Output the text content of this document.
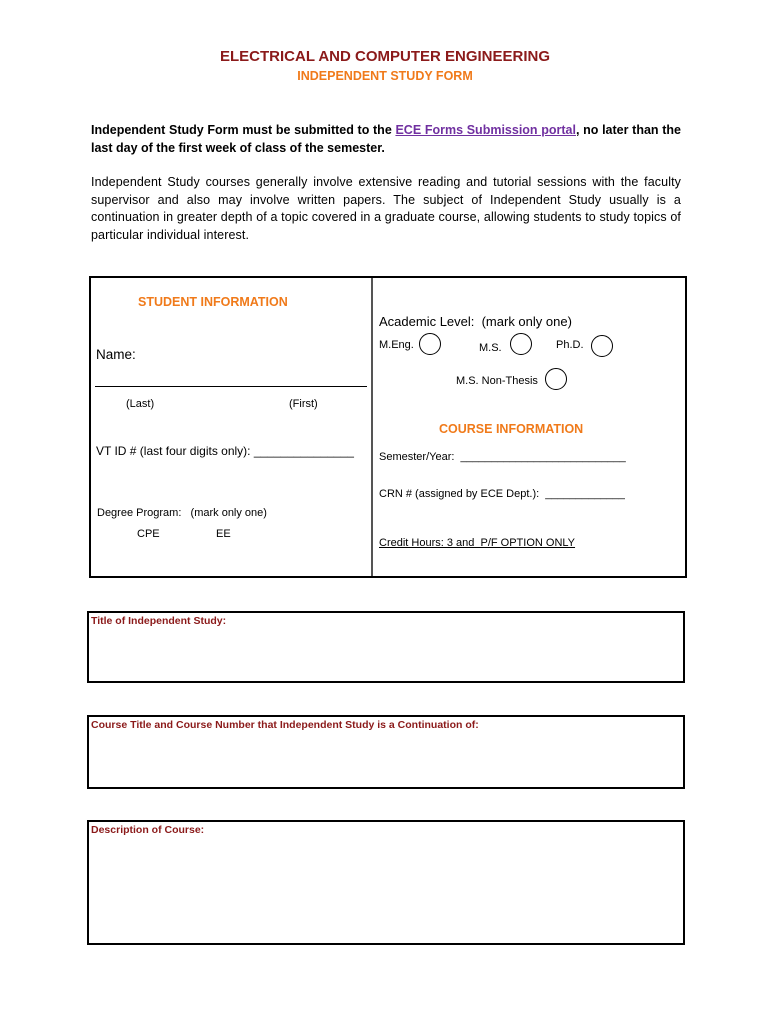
ELECTRICAL AND COMPUTER ENGINEERING
INDEPENDENT STUDY FORM
Independent Study Form must be submitted to the ECE Forms Submission portal, no later than the last day of the first week of class of the semester.
Independent Study courses generally involve extensive reading and tutorial sessions with the faculty supervisor and also may involve written papers. The subject of Independent Study usually is a continuation in greater depth of a topic covered in a graduate course, allowing students to study topics of particular individual interest.
STUDENT INFORMATION
Name:
(Last)	(First)
VT ID # (last four digits only): _______________
Degree Program:   (mark only one)
CPE	EE
Academic Level:  (mark only one)
M.Eng.	M.S.	Ph.D.
M.S. Non-Thesis
COURSE INFORMATION
Semester/Year:  ___________________________
CRN # (assigned by ECE Dept.):  _____________
Credit Hours: 3 and  P/F OPTION ONLY
Title of Independent Study:
Course Title and Course Number that Independent Study is a Continuation of:
Description of Course:
